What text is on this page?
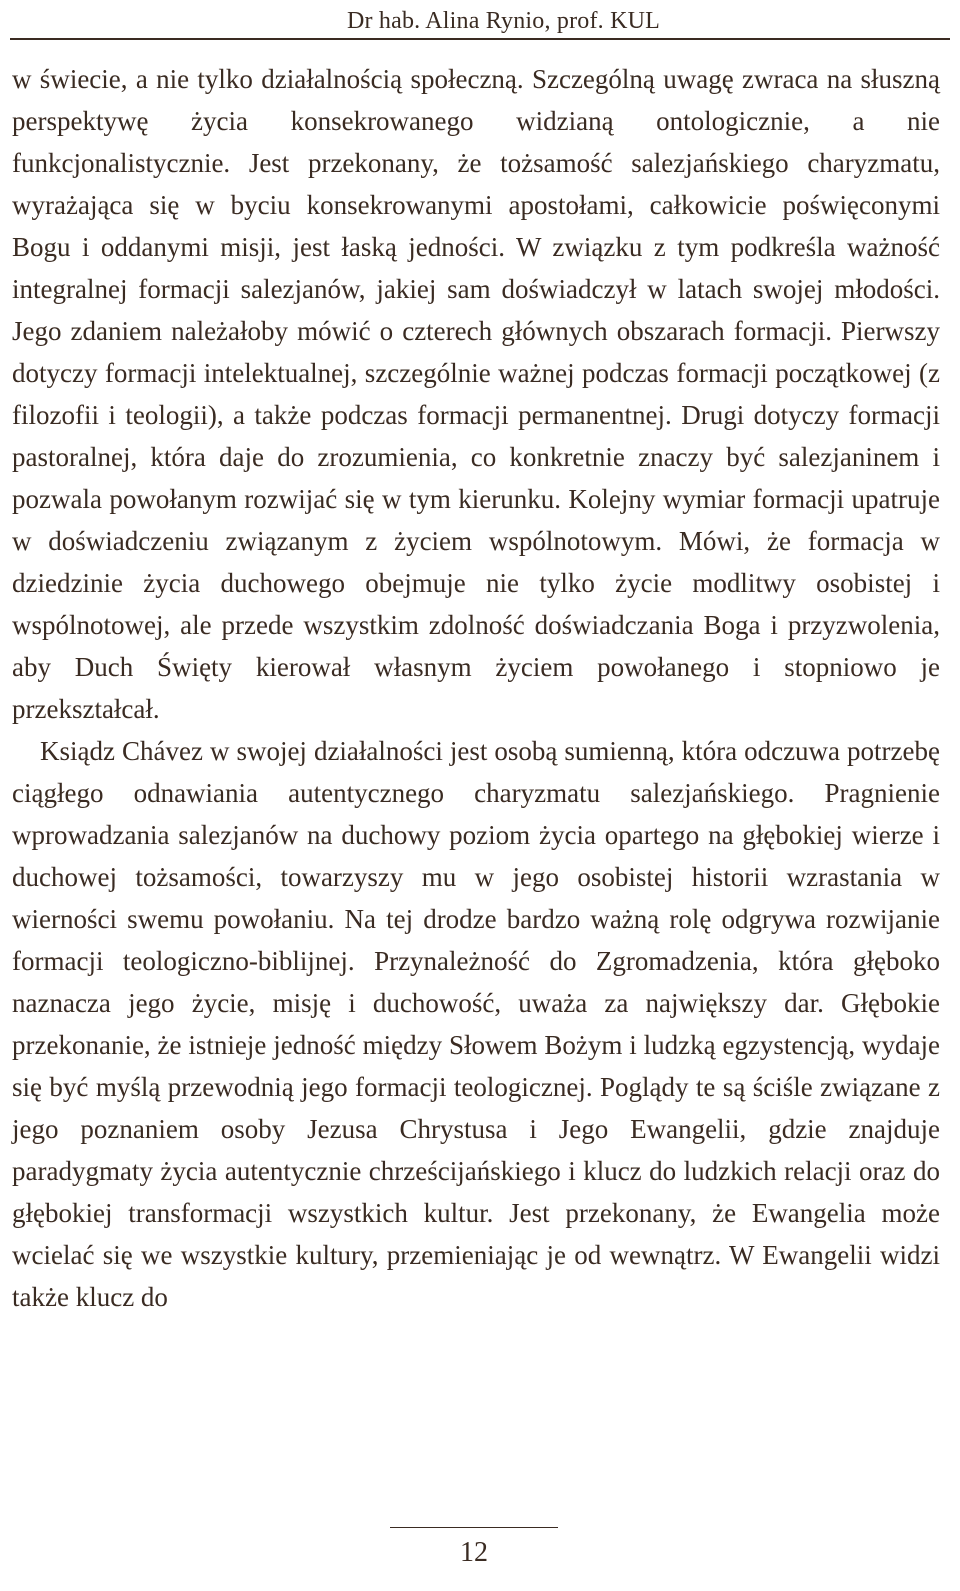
Dr hab. Alina Rynio, prof. KUL

w świecie, a nie tylko działalnością społeczną. Szczególną uwagę zwraca na słuszną perspektywę życia konsekrowanego widzianą ontologicznie, a nie funkcjonalistycznie. Jest przekonany, że tożsamość salezjańskiego charyzmatu, wyrażająca się w byciu konsekrowanymi apostołami, całkowicie poświęconymi Bogu i oddanymi misji, jest łaską jedności. W związku z tym podkreśla ważność integralnej formacji salezjanów, jakiej sam doświadczył w latach swojej młodości. Jego zdaniem należałoby mówić o czterech głównych obszarach formacji. Pierwszy dotyczy formacji intelektualnej, szczególnie ważnej podczas formacji początkowej (z filozofii i teologii), a także podczas formacji permanentnej. Drugi dotyczy formacji pastoralnej, która daje do zrozumienia, co konkretnie znaczy być salezjaninem i pozwala powołanym rozwijać się w tym kierunku. Kolejny wymiar formacji upatruje w doświadczeniu związanym z życiem wspólnotowym. Mówi, że formacja w dziedzinie życia duchowego obejmuje nie tylko życie modlitwy osobistej i wspólnotowej, ale przede wszystkim zdolność doświadczania Boga i przyzwolenia, aby Duch Święty kierował własnym życiem powołanego i stopniowo je przekształcał.

Ksiądz Chávez w swojej działalności jest osobą sumienną, która odczuwa potrzebę ciągłego odnawiania autentycznego charyzmatu salezjańskiego. Pragnienie wprowadzania salezjanów na duchowy poziom życia opartego na głębokiej wierze i duchowej tożsamości, towarzyszy mu w jego osobistej historii wzrastania w wierności swemu powołaniu. Na tej drodze bardzo ważną rolę odgrywa rozwijanie formacji teologiczno-biblijnej. Przynależność do Zgromadzenia, która głęboko naznacza jego życie, misję i duchowość, uważa za największy dar. Głębokie przekonanie, że istnieje jedność między Słowem Bożym i ludzką egzystencją, wydaje się być myślą przewodnią jego formacji teologicznej. Poglądy te są ściśle związane z jego poznaniem osoby Jezusa Chrystusa i Jego Ewangelii, gdzie znajduje paradygmaty życia autentycznie chrześcijańskiego i klucz do ludzkich relacji oraz do głębokiej transformacji wszystkich kultur. Jest przekonany, że Ewangelia może wcielać się we wszystkie kultury, przemieniając je od wewnątrz. W Ewangelii widzi także klucz do

12
